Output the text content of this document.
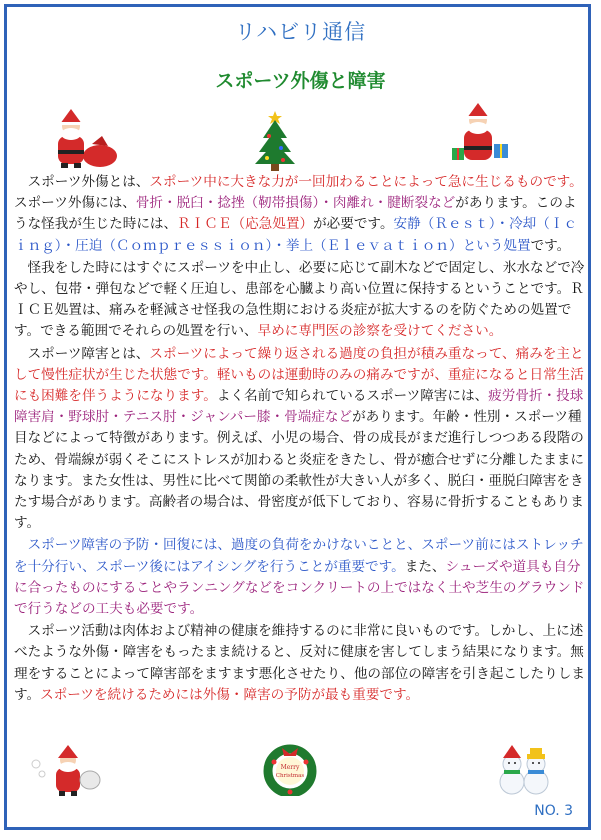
リハビリ通信
スポーツ外傷と障害

スポーツ外傷とは、スポーツ中に大きな力が一回加わることによって急に生じるものです。スポーツ外傷には、骨折・脱臼・捻挫（靭帯損傷）・肉離れ・腱断裂などがあります。このような怪我が生じた時には、ＲＩＣＥ（応急処置）が必要です。安静（Ｒｅｓｔ）・冷却（Ｉｃｉｎｇ）・圧迫（Ｃｏｍｐｒｅｓｓｉｏｎ）・挙上（Ｅｌｅｖａｔｉｏｎ）という処置です。

怪我をした時にはすぐにスポーツを中止し、必要に応じて副木などで固定し、氷水などで冷やし、包帯・弾包などで軽く圧迫し、患部を心臓より高い位置に保持するということです。ＲＩＣＥ処置は、痛みを軽減させ怪我の急性期における炎症が拡大するのを防ぐための処置です。できる範囲でそれらの処置を行い、早めに専門医の診察を受けてください。

スポーツ障害とは、スポーツによって繰り返される過度の負担が積み重なって、痛みを主として慢性症状が生じた状態です。軽いものは運動時のみの痛みですが、重症になると日常生活にも困難を伴うようになります。よく名前で知られているスポーツ障害には、疲労骨折・投球障害肩・野球肘・テニス肘・ジャンパー膝・骨端症などがあります。年齢・性別・スポーツ種目などによって特徴があります。例えば、小児の場合、骨の成長がまだ進行しつつある段階のため、骨端線が弱くそこにストレスが加わると炎症をきたし、骨が癒合せずに分離したままになります。また女性は、男性に比べて関節の柔軟性が大きい人が多く、脱臼・亜脱臼障害をきたす場合があります。高齢者の場合は、骨密度が低下しており、容易に骨折することもあります。

スポーツ障害の予防・回復には、過度の負荷をかけないことと、スポーツ前にはストレッチを十分行い、スポーツ後にはアイシングを行うことが重要です。また、シューズや道具も自分に合ったものにすることやランニングなどをコンクリートの上ではなく土や芝生のグラウンドで行うなどの工夫も必要です。

スポーツ活動は肉体および精神の健康を維持するのに非常に良いものです。しかし、上に述べたような外傷・障害をもったまま続けると、反対に健康を害してしまう結果になります。無理をすることによって障害部をますます悪化させたり、他の部位の障害を引き起こしたりします。スポーツを続けるためには外傷・障害の予防が最も重要です。

Merry
Christmas
NO. 3
